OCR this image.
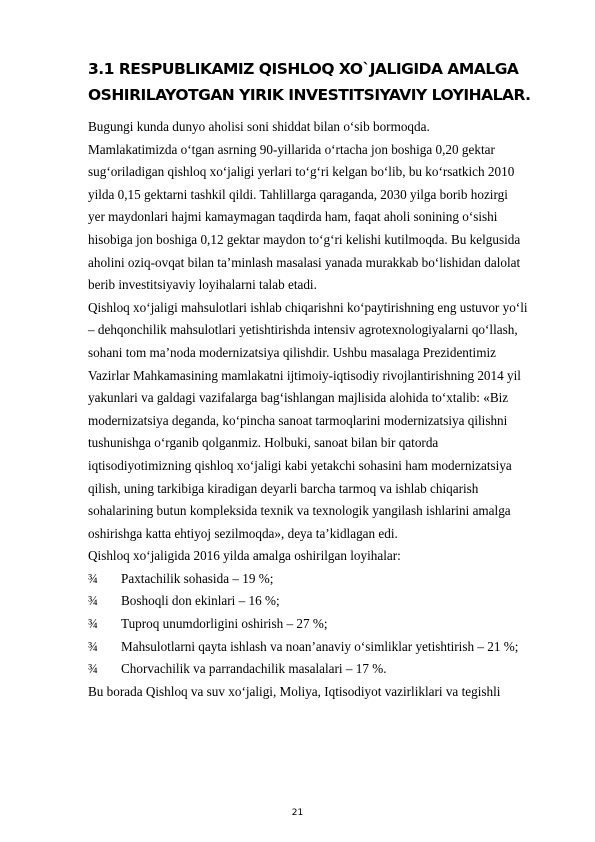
3.1 RESPUBLIKAMIZ QISHLOQ XO`JALIGIDA AMALGA
OSHIRILAYOTGAN YIRIK INVESTITSIYAVIY LOYIHALAR.
Bugungi kunda dunyo aholisi soni shiddat bilan o‘sib bormoqda.
Mamlakatimizda o‘tgan asrning 90-yillarida o‘rtacha jon boshiga 0,20 gektar
sug‘oriladigan qishloq xo‘jaligi yerlari to‘g‘ri kelgan bo‘lib, bu ko‘rsatkich 2010
yilda 0,15 gektarni tashkil qildi. Tahlillarga qaraganda, 2030 yilga borib hozirgi
yer maydonlari hajmi kamaymagan taqdirda ham, faqat aholi sonining o‘sishi
hisobiga jon boshiga 0,12 gektar maydon to‘g‘ri kelishi kutilmoqda. Bu kelgusida
aholini oziq-ovqat bilan ta’minlash masalasi yanada murakkab bo‘lishidan dalolat
berib investitsiyaviy loyihalarni talab etadi.
Qishloq xo‘jaligi mahsulotlari ishlab chiqarishni ko‘paytirishning eng ustuvor yo‘li
– dehqonchilik mahsulotlari yetishtirishda intensiv agrotexnologiyalarni qo‘llash,
sohani tom ma’noda modernizatsiya qilishdir. Ushbu masalaga Prezidentimiz
Vazirlar Mahkamasining mamlakatni ijtimoiy-iqtisodiy rivojlantirishning 2014 yil
yakunlari va galdagi vazifalarga bag‘ishlangan majlisida alohida to‘xtalib: «Biz
modernizatsiya deganda, ko‘pincha sanoat tarmoqlarini modernizatsiya qilishni
tushunishga o‘rganib qolganmiz. Holbuki, sanoat bilan bir qatorda
iqtisodiyotimizning qishloq xo‘jaligi kabi yetakchi sohasini ham modernizatsiya
qilish, uning tarkibiga kiradigan deyarli barcha tarmoq va ishlab chiqarish
sohalarining butun kompleksida texnik va texnologik yangilash ishlarini amalga
oshirishga katta ehtiyoj sezilmoqda», deya ta’kidlagan edi.
Qishloq xo‘jaligida 2016 yilda amalga oshirilgan loyihalar:
¾ Paxtachilik sohasida – 19 %;
¾ Boshoqli don ekinlari – 16 %;
¾ Tuproq unumdorligini oshirish – 27 %;
¾ Mahsulotlarni qayta ishlash va noan’anaviy o‘simliklar yetishtirish – 21 %;
¾ Chorvachilik va parrandachilik masalalari – 17 %.
Bu borada Qishloq va suv xo‘jaligi, Moliya, Iqtisodiyot vazirliklari va tegishli
21
